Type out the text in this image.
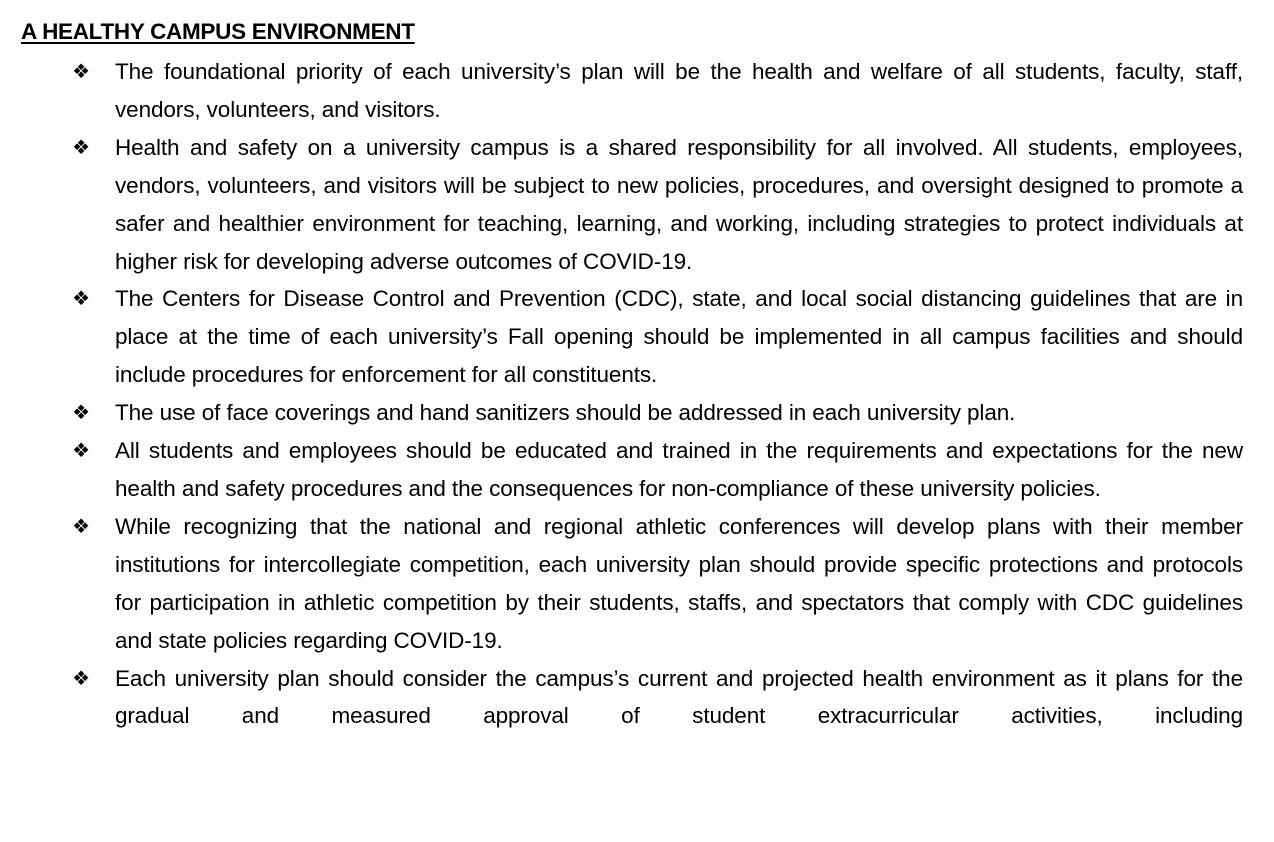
A HEALTHY CAMPUS ENVIRONMENT
❖ The foundational priority of each university’s plan will be the health and welfare of all students, faculty, staff, vendors, volunteers, and visitors.
❖ Health and safety on a university campus is a shared responsibility for all involved. All students, employees, vendors, volunteers, and visitors will be subject to new policies, procedures, and oversight designed to promote a safer and healthier environment for teaching, learning, and working, including strategies to protect individuals at higher risk for developing adverse outcomes of COVID-19.
❖ The Centers for Disease Control and Prevention (CDC), state, and local social distancing guidelines that are in place at the time of each university’s Fall opening should be implemented in all campus facilities and should include procedures for enforcement for all constituents.
❖ The use of face coverings and hand sanitizers should be addressed in each university plan.
❖ All students and employees should be educated and trained in the requirements and expectations for the new health and safety procedures and the consequences for non-compliance of these university policies.
❖ While recognizing that the national and regional athletic conferences will develop plans with their member institutions for intercollegiate competition, each university plan should provide specific protections and protocols for participation in athletic competition by their students, staffs, and spectators that comply with CDC guidelines and state policies regarding COVID-19.
❖ Each university plan should consider the campus’s current and projected health environment as it plans for the gradual and measured approval of student extracurricular activities, including
